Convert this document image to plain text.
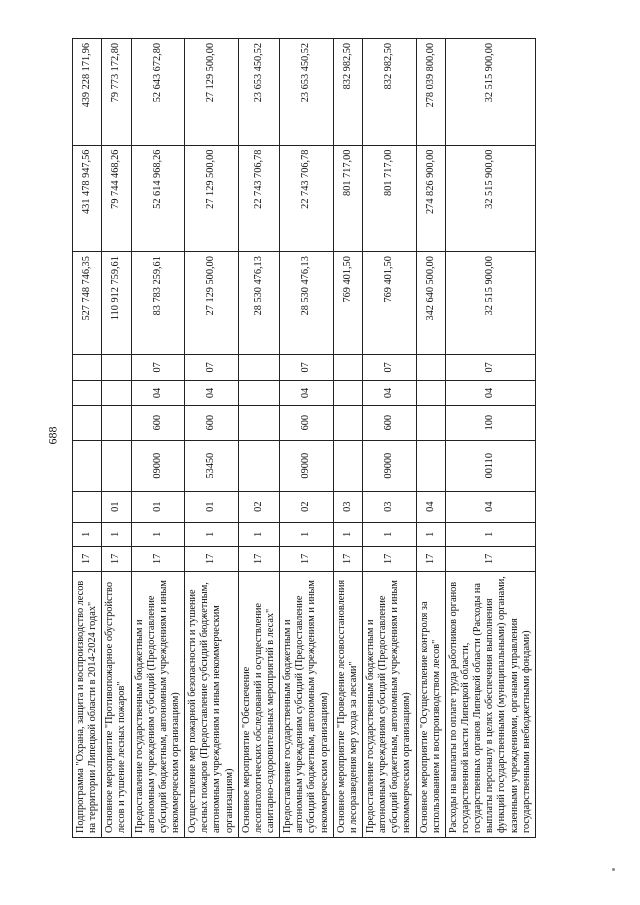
688
Подпрограмма "Охрана, защита и воспроизводство лесов на территории Липецкой области в 2014-2024 годах"	17	1						527 748 746,35	431 478 947,56	439 228 171,96
Основное мероприятие "Противопожарное обустройство лесов и тушение лесных пожаров"	17	1	01					110 912 759,61	79 744 468,26	79 773 172,80
Предоставление государственным бюджетным и автономным учреждениям субсидий (Предоставление субсидий бюджетным, автономным учреждениям и иным некоммерческим организациям)	17	1	01	09000	600	04	07	83 783 259,61	52 614 968,26	52 643 672,80
Осуществление мер пожарной безопасности и тушение лесных пожаров (Предоставление субсидий бюджетным, автономным учреждениям и иным некоммерческим организациям)	17	1	01	53450	600	04	07	27 129 500,00	27 129 500,00	27 129 500,00
Основное мероприятие "Обеспечение лесопатологических обследований и осуществление санитарно-оздоровительных мероприятий в лесах"	17	1	02					28 530 476,13	22 743 706,78	23 653 450,52
Предоставление государственным бюджетным и автономным учреждениям субсидий (Предоставление субсидий бюджетным, автономным учреждениям и иным некоммерческим организациям)	17	1	02	09000	600	04	07	28 530 476,13	22 743 706,78	23 653 450,52
Основное мероприятие "Проведение лесовосстановления и лесоразведения мер ухода за лесами"	17	1	03					769 401,50	801 717,00	832 982,50
Предоставление государственным бюджетным и автономным учреждениям субсидий (Предоставление субсидий бюджетным, автономным учреждениям и иным некоммерческим организациям)	17	1	03	09000	600	04	07	769 401,50	801 717,00	832 982,50
Основное мероприятие "Осуществление контроля за использованием и воспроизводством лесов"	17	1	04					342 640 500,00	274 826 900,00	278 039 800,00
Расходы на выплаты по оплате труда работников органов государственной власти Липецкой области, государственных органов Липецкой области (Расходы на выплаты персоналу в целях обеспечения выполнения функций государственными (муниципальными) органами, казенными учреждениями, органами управления государственными внебюджетными фондами)	17	1	04	00110	100	04	07	32 515 900,00	32 515 900,00	32 515 900,00
